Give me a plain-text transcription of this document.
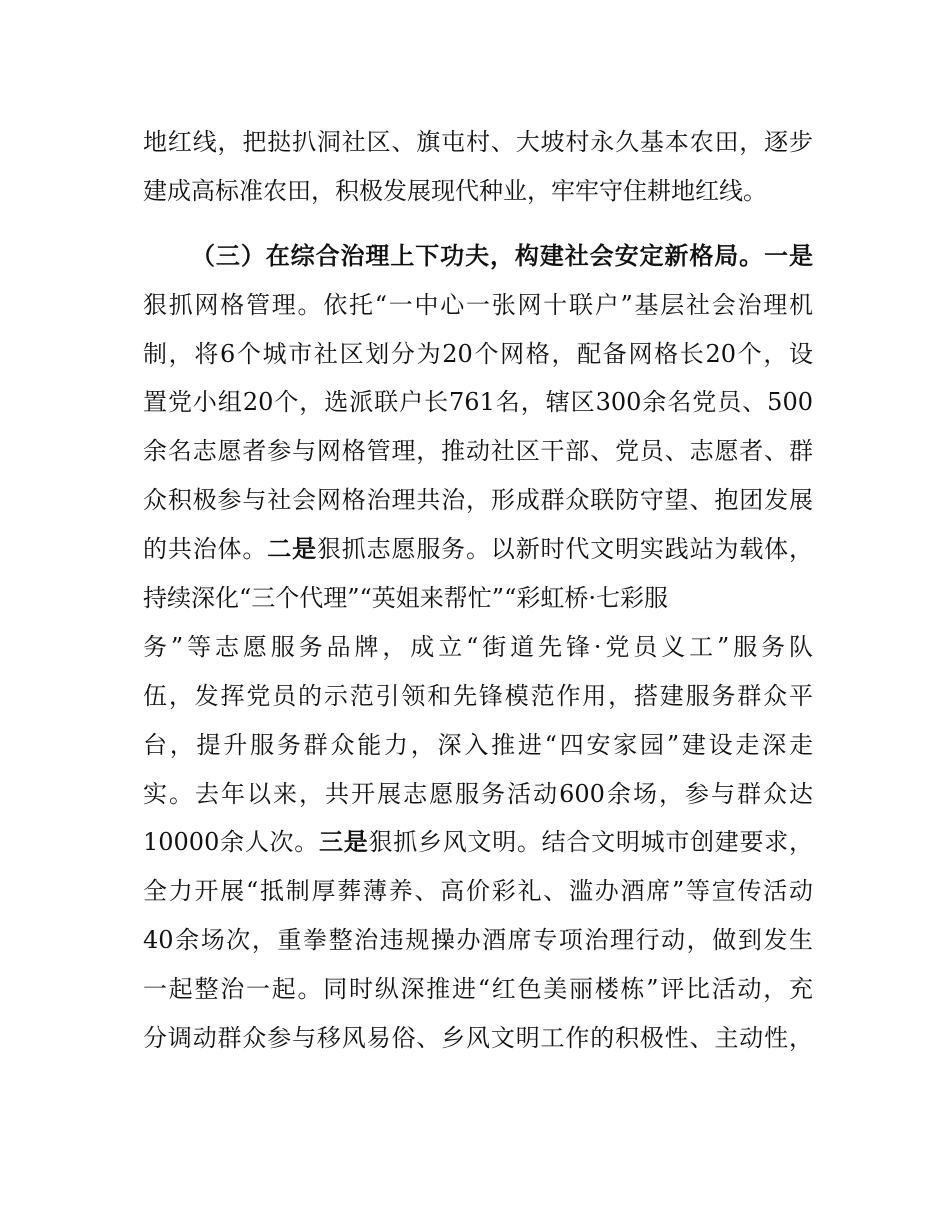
地红线，把挞扒洞社区、旗屯村、大坡村永久基本农田，逐步
建成高标准农田，积极发展现代种业，牢牢守住耕地红线。
（三）在综合治理上下功夫，构建社会安定新格局。一是
狠抓网格管理。依托“一中心一张网十联户”基层社会治理机
制，将6个城市社区划分为20个网格，配备网格长20个，设
置党小组20个，选派联户长761名，辖区300余名党员、500
余名志愿者参与网格管理，推动社区干部、党员、志愿者、群
众积极参与社会网格治理共治，形成群众联防守望、抱团发展
的共治体。二是狠抓志愿服务。以新时代文明实践站为载体，
持续深化“三个代理”“英姐来帮忙”“彩虹桥·七彩服
务”等志愿服务品牌，成立“街道先锋·党员义工”服务队
伍，发挥党员的示范引领和先锋模范作用，搭建服务群众平
台，提升服务群众能力，深入推进“四安家园”建设走深走
实。去年以来，共开展志愿服务活动600余场，参与群众达
10000余人次。三是狠抓乡风文明。结合文明城市创建要求，
全力开展“抵制厚葬薄养、高价彩礼、滥办酒席”等宣传活动
40余场次，重拳整治违规操办酒席专项治理行动，做到发生
一起整治一起。同时纵深推进“红色美丽楼栋”评比活动，充
分调动群众参与移风易俗、乡风文明工作的积极性、主动性，
